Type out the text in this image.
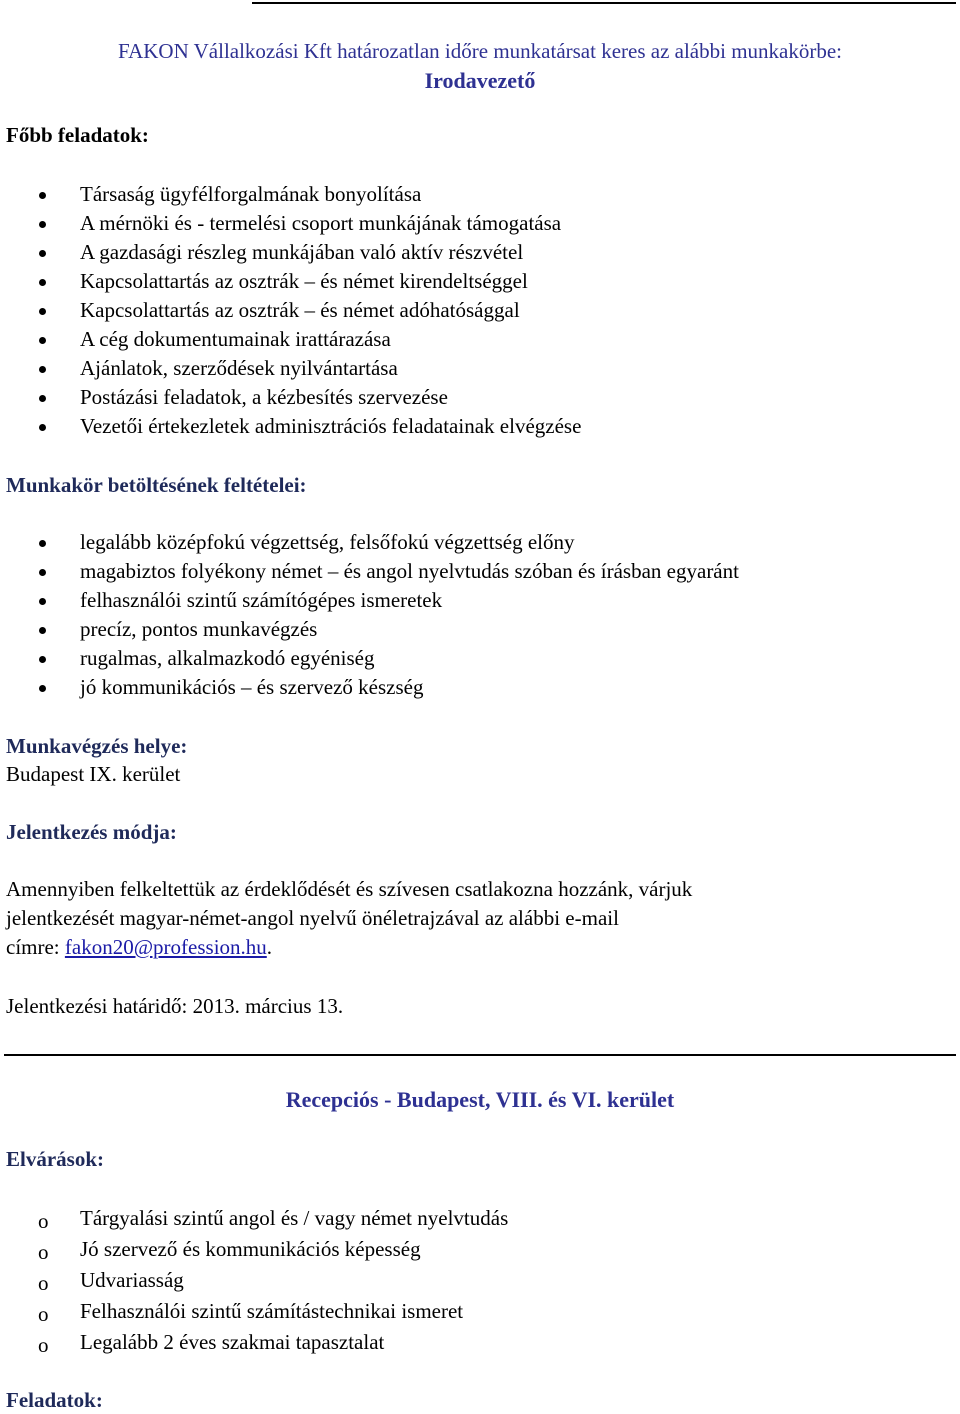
FAKON Vállalkozási Kft határozatlan időre munkatársat keres az alábbi munkakörbe:
Irodavezető
Főbb feladatok:
Társaság ügyfélforgalmának bonyolítása
A mérnöki és - termelési csoport munkájának támogatása
A gazdasági részleg munkájában való aktív részvétel
Kapcsolattartás az osztrák – és német kirendeltséggel
Kapcsolattartás az osztrák – és német adóhatósággal
A cég dokumentumainak irattárazása
Ajánlatok, szerződések nyilvántartása
Postázási feladatok, a kézbesítés szervezése
Vezetői értekezletek adminisztrációs feladatainak elvégzése
Munkakör betöltésének feltételei:
legalább középfokú végzettség, felsőfokú végzettség előny
magabiztos folyékony német – és angol nyelvtudás szóban és írásban egyaránt
felhasználói szintű számítógépes ismeretek
precíz, pontos munkavégzés
rugalmas, alkalmazkodó egyéniség
jó kommunikációs – és szervező készség
Munkavégzés helye:
Budapest IX. kerület
Jelentkezés módja:
Amennyiben felkeltettük az érdeklődését és szívesen csatlakozna hozzánk, várjuk
jelentkezését magyar-német-angol nyelvű önéletrajzával az alábbi e-mail
címre: fakon20@profession.hu.
Jelentkezési határidő: 2013. március 13.
Recepciós - Budapest, VIII. és VI. kerület
Elvárások:
o Tárgyalási szintű angol és / vagy német nyelvtudás
o Jó szervező és kommunikációs képesség
o Udvariasság
o Felhasználói szintű számítástechnikai ismeret
o Legalább 2 éves szakmai tapasztalat
Feladatok:
